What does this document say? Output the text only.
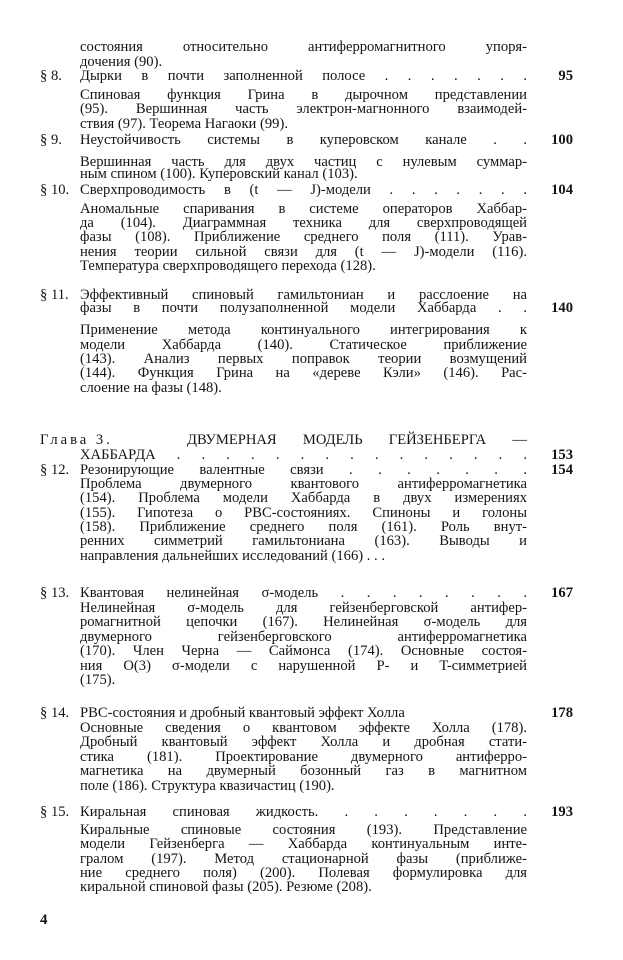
состояния относительно антиферромагнитного упоря-
дочения (90).
§ 8.	Дырки в почти заполненной полосе . . . . . . .	95
Спиновая функция Грина в дырочном представлении
(95). Вершинная часть электрон-магнонного взаимодей-
ствия (97). Теорема Нагаоки (99).
§ 9.	Неустойчивость системы в куперовском канале . .	100
Вершинная часть для двух частиц с нулевым суммар-
ным спином (100). Куперовский канал (103).
§ 10. Сверхпроводимость в (t — J)-модели . . . . . . .	104
Аномальные спаривания в системе операторов Хаббар-
да (104). Диаграммная техника для сверхпроводящей
фазы (108). Приближение среднего поля (111). Урав-
нения теории сильной связи для (t — J)-модели (116).
Температура сверхпроводящего перехода (128).
§ 11. Эффективный спиновый гамильтониан и расслоение на
фазы в почти полузаполненной модели Хаббарда . .	140
Применение метода континуального интегрирования к
модели Хаббарда (140). Статическое приближение
(143). Анализ первых поправок теории возмущений
(144). Функция Грина на «дереве Кэли» (146). Рас-
слоение на фазы (148).
Глава 3.	ДВУМЕРНАЯ МОДЕЛЬ ГЕЙЗЕНБЕРГА —
ХАББАРДА . . . . . . . . . . . . . . .	153
§ 12. Резонирующие валентные связи . . . . . . .	154
Проблема двумерного квантового антиферромагнетика
(154). Проблема модели Хаббарда в двух измерениях
(155). Гипотеза о РВС-состояниях. Спиноны и голоны
(158). Приближение среднего поля (161). Роль внут-
ренних симметрий гамильтониана (163). Выводы и
направления дальнейших исследований (166) . . .
§ 13. Квантовая нелинейная σ-модель . . . . . . . .	167
Нелинейная σ-модель для гейзенберговской антифер-
ромагнитной цепочки (167). Нелинейная σ-модель для
двумерного гейзенберговского антиферромагнетика
(170). Член Черна — Саймонса (174). Основные состоя-
ния O(3) σ-модели с нарушенной P- и T-симметрией
(175).
§ 14. РВС-состояния и дробный квантовый эффект Холла	178
Основные сведения о квантовом эффекте Холла (178).
Дробный квантовый эффект Холла и дробная стати-
стика (181). Проектирование двумерного антиферро-
магнетика на двумерный бозонный газ в магнитном
поле (186). Структура квазичастиц (190).
§ 15. Киральная спиновая жидкость. . . . . . . .	193
Киральные спиновые состояния (193). Представление
модели Гейзенберга — Хаббарда континуальным инте-
гралом (197). Метод стационарной фазы (приближе-
ние среднего поля) (200). Полевая формулировка для
киральной спиновой фазы (205). Резюме (208).
4
